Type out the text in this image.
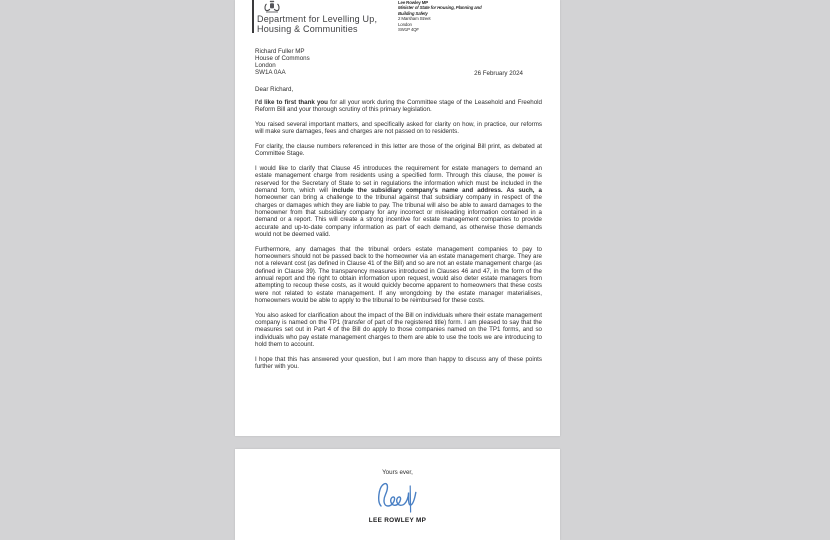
Department for Levelling Up,
Housing & Communities
Lee Rowley MP
Minister of State for Housing, Planning and Building Safety
2 Marsham Street
London
SW1P 4QF
Richard Fuller MP
House of Commons
London
SW1A 0AA	26 February 2024
Dear Richard,

I'd like to first thank you for all your work during the Committee stage of the Leasehold and Freehold Reform Bill and your thorough scrutiny of this primary legislation.

You raised several important matters, and specifically asked for clarity on how, in practice, our reforms will make sure damages, fees and charges are not passed on to residents.

For clarity, the clause numbers referenced in this letter are those of the original Bill print, as debated at Committee Stage.

I would like to clarify that Clause 45 introduces the requirement for estate managers to demand an estate management charge from residents using a specified form. Through this clause, the power is reserved for the Secretary of State to set in regulations the information which must be included in the demand form, which will include the subsidiary company's name and address. As such, a homeowner can bring a challenge to the tribunal against that subsidiary company in respect of the charges or damages which they are liable to pay. The tribunal will also be able to award damages to the homeowner from that subsidiary company for any incorrect or misleading information contained in a demand or a report. This will create a strong incentive for estate management companies to provide accurate and up-to-date company information as part of each demand, as otherwise those demands would not be deemed valid.

Furthermore, any damages that the tribunal orders estate management companies to pay to homeowners should not be passed back to the homeowner via an estate management charge. They are not a relevant cost (as defined in Clause 41 of the Bill) and so are not an estate management charge (as defined in Clause 39). The transparency measures introduced in Clauses 46 and 47, in the form of the annual report and the right to obtain information upon request, would also deter estate managers from attempting to recoup these costs, as it would quickly become apparent to homeowners that these costs were not related to estate management. If any wrongdoing by the estate manager materialises, homeowners would be able to apply to the tribunal to be reimbursed for these costs.

You also asked for clarification about the impact of the Bill on individuals where their estate management company is named on the TP1 (transfer of part of the registered title) form. I am pleased to say that the measures set out in Part 4 of the Bill do apply to those companies named on the TP1 forms, and so individuals who pay estate management charges to them are able to use the tools we are introducing to hold them to account.

I hope that this has answered your question, but I am more than happy to discuss any of these points further with you.

Yours ever,
LEE ROWLEY MP
